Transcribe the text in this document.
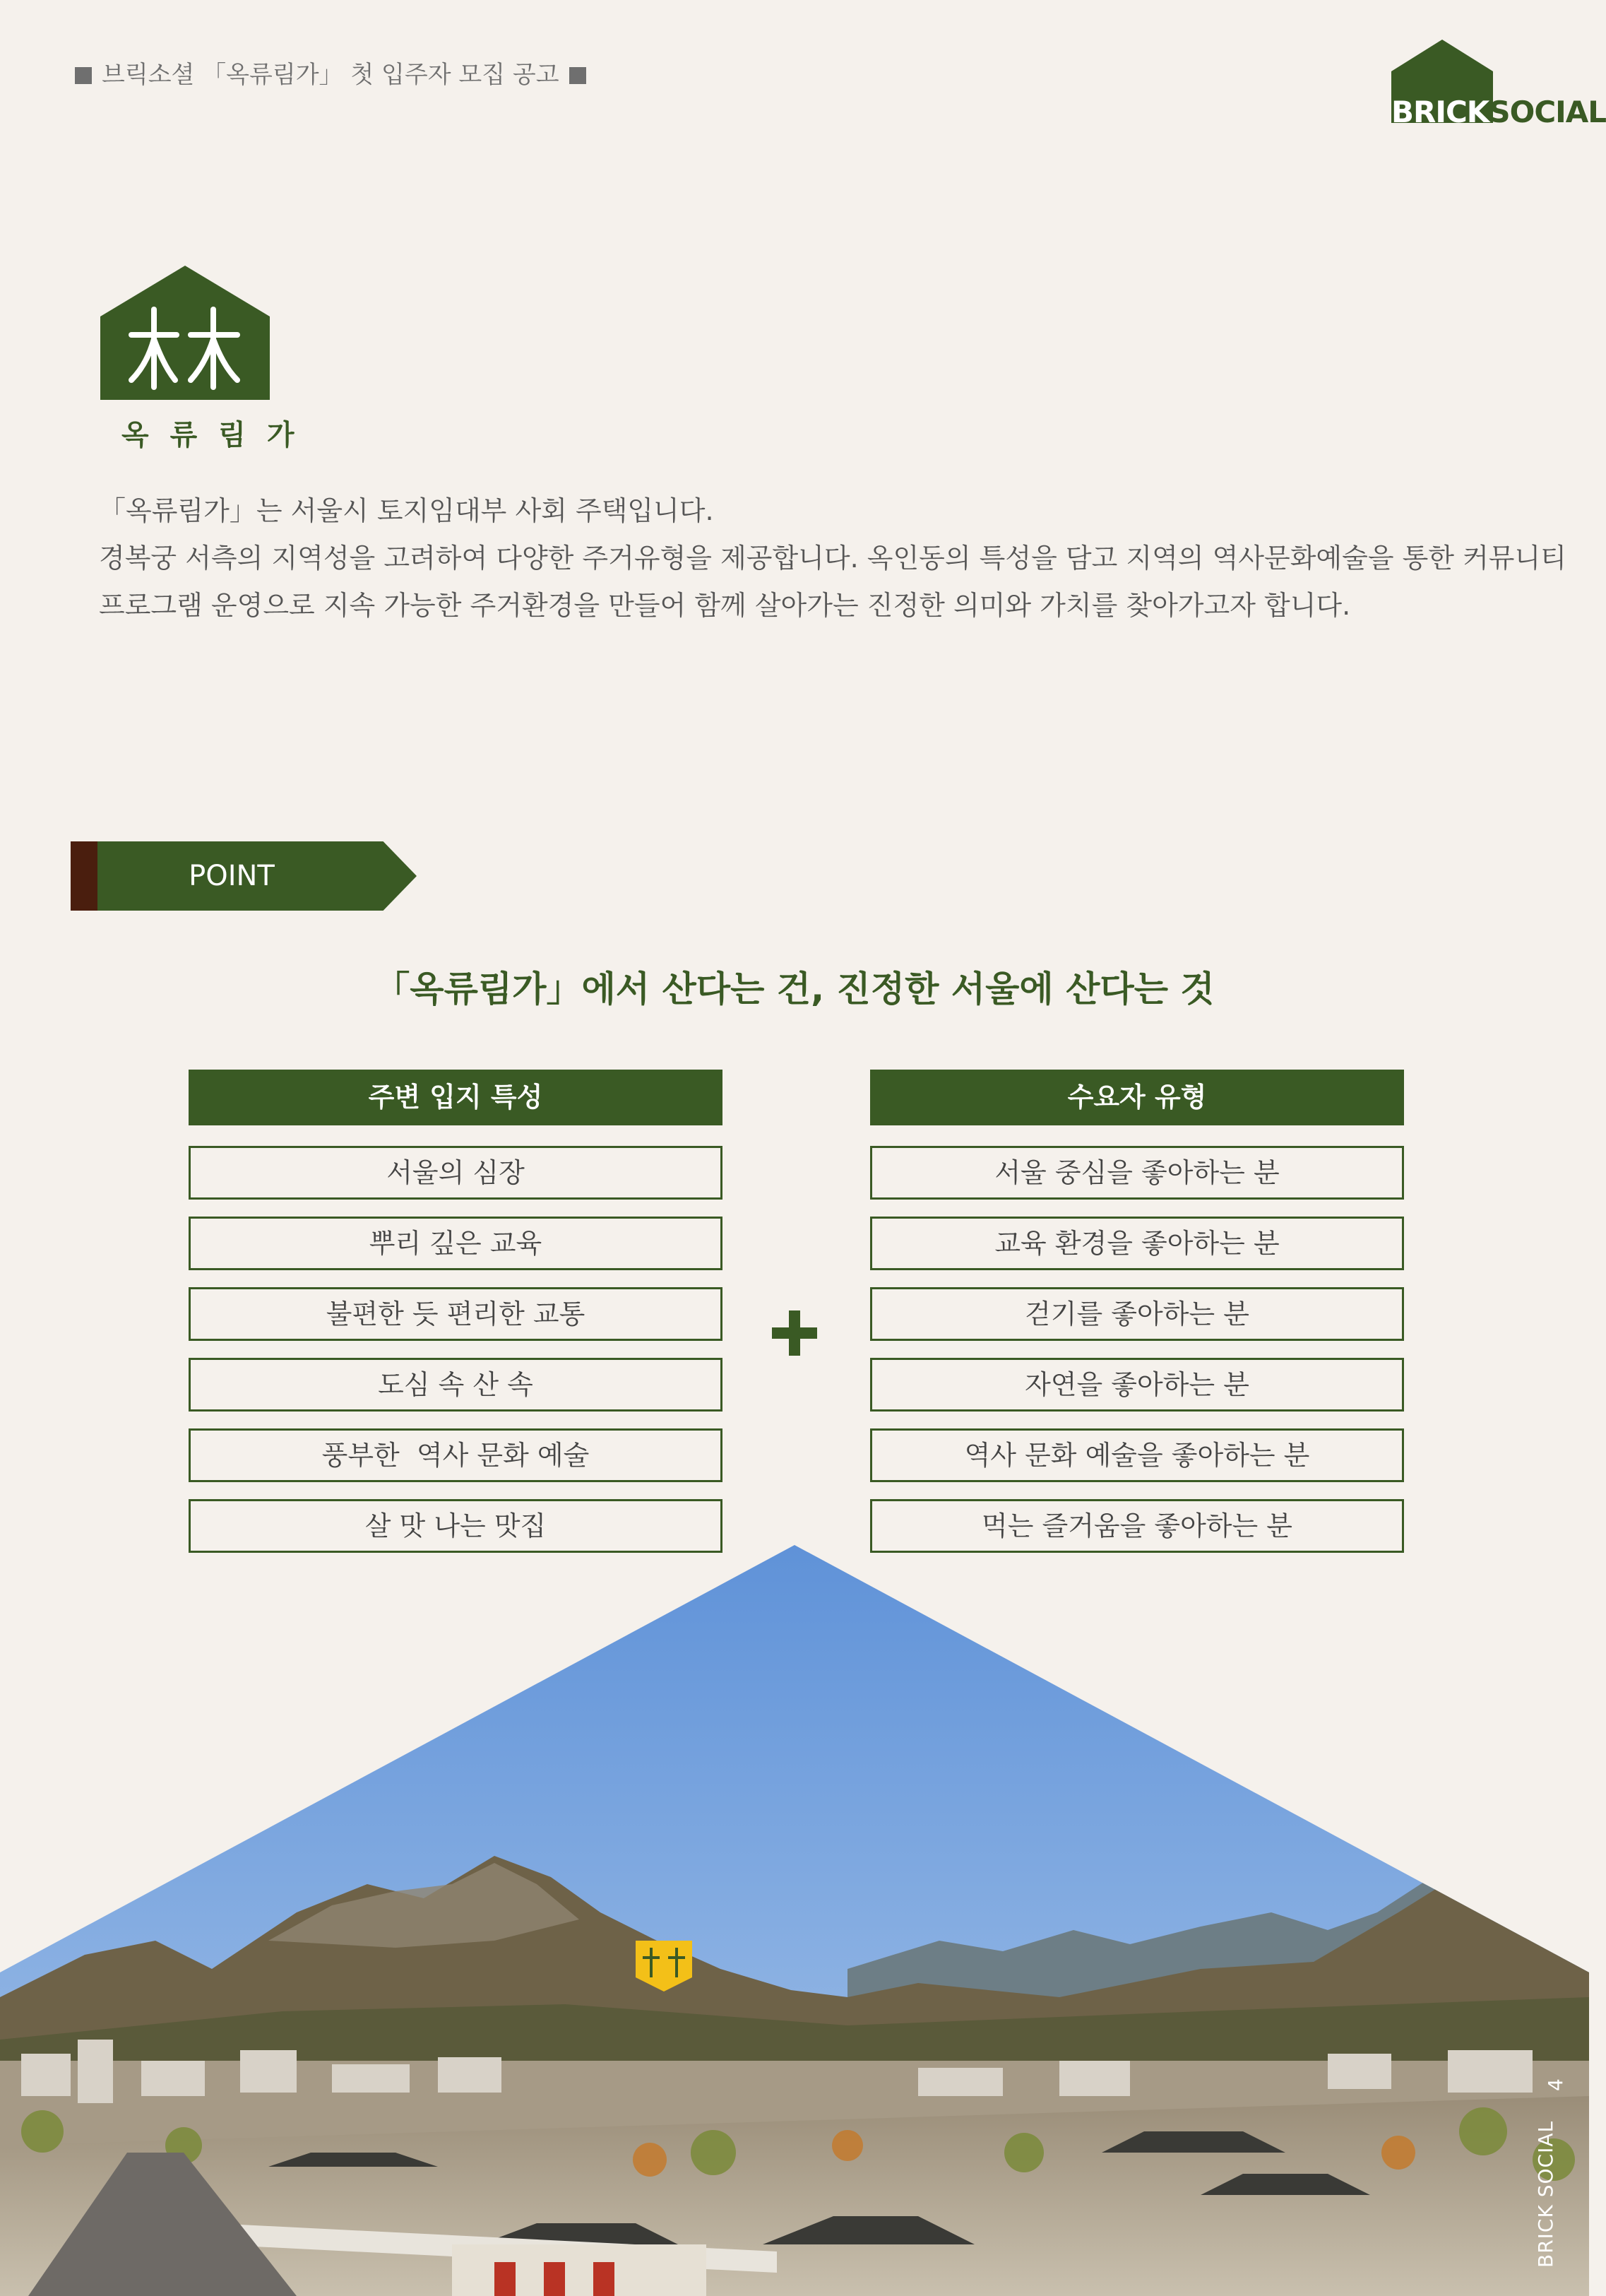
브릭소셜 「옥류림가」 첫 입주자 모집 공고
BRICKSOCIAL
옥류림가

「옥류림가」는 서울시 토지임대부 사회 주택입니다.

경복궁 서측의 지역성을 고려하여 다양한 주거유형을 제공합니다. 옥인동의 특성을 담고 지역의 역사문화예술을 통한 커뮤니티

프로그램 운영으로 지속 가능한 주거환경을 만들어 함께 살아가는 진정한 의미와 가치를 찾아가고자 합니다.

POINT
「옥류림가」에서 산다는 건, 진정한 서울에 산다는 것
주변 입지 특성
서울의 심장
뿌리 깊은 교육
불편한 듯 편리한 교통
도심 속 산 속
풍부한  역사 문화 예술
살 맛 나는 맛집
수요자 유형
서울 중심을 좋아하는 분
교육 환경을 좋아하는 분
걷기를 좋아하는 분
자연을 좋아하는 분
역사 문화 예술을 좋아하는 분
먹는 즐거움을 좋아하는 분
4
BRICK SOCIAL
